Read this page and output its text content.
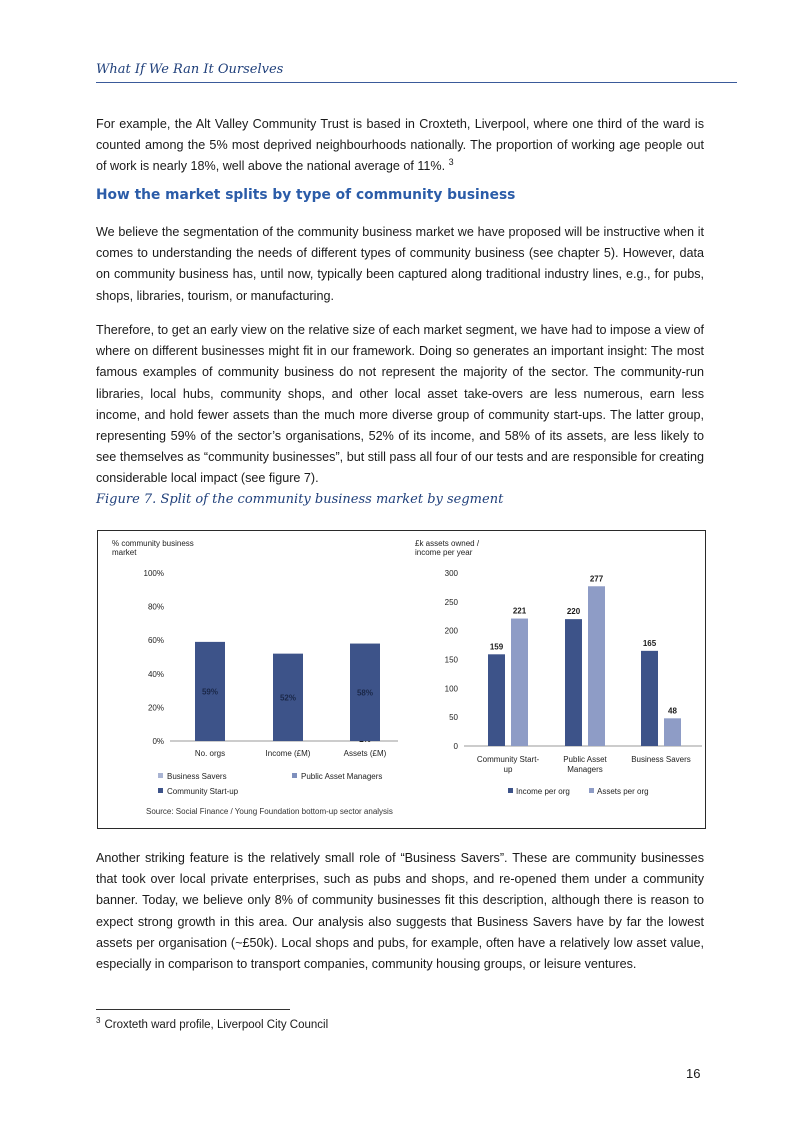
What If We Ran It Ourselves

For example, the Alt Valley Community Trust is based in Croxteth, Liverpool, where one third of the ward is counted among the 5% most deprived neighbourhoods nationally. The proportion of working age people out of work is nearly 18%, well above the national average of 11%. $^3$

How the market splits by type of community business

We believe the segmentation of the community business market we have proposed will be instructive when it comes to understanding the needs of different types of community business (see chapter 5). However, data on community business has, until now, typically been captured along traditional industry lines, e.g., for pubs, shops, libraries, tourism, or manufacturing.

Therefore, to get an early view on the relative size of each market segment, we have had to impose a view of where on different businesses might fit in our framework. Doing so generates an important insight: The most famous examples of community business do not represent the majority of the sector. The community-run libraries, local hubs, community shops, and other local asset take-overs are less numerous, earn less income, and hold fewer assets than the much more diverse group of community start-ups. The latter group, representing 59% of the sector’s organisations, 52% of its income, and 58% of its assets, are less likely to see themselves as “community businesses”, but still pass all four of our tests and are responsible for creating considerable local impact (see figure 7).

Figure 7. Split of the community business market by segment
% community business
market
0%
20%
40%
60%
80%
100%
59%
No. orgs
52%
Income (£M)
58%
Assets (£M)
Business Savers	Public Asset Managers
Community Start-up
£k assets owned /
income per year
0
50
100
150
200
250
300
159
221
Community Start-
up
220
277
Public Asset
Managers
165
48
Business Savers
Income per org	Assets per org
Source: Social Finance / Young Foundation bottom-up sector analysis

Another striking feature is the relatively small role of “Business Savers”. These are community businesses that took over local private enterprises, such as pubs and shops, and re-opened them under a community banner. Today, we believe only 8% of community businesses fit this description, although there is reason to expect strong growth in this area. Our analysis also suggests that Business Savers have by far the lowest assets per organisation (~£50k). Local shops and pubs, for example, often have a relatively low asset value, especially in comparison to transport companies, community housing groups, or leisure ventures.

$^3$ Croxteth ward profile, Liverpool City Council
16
